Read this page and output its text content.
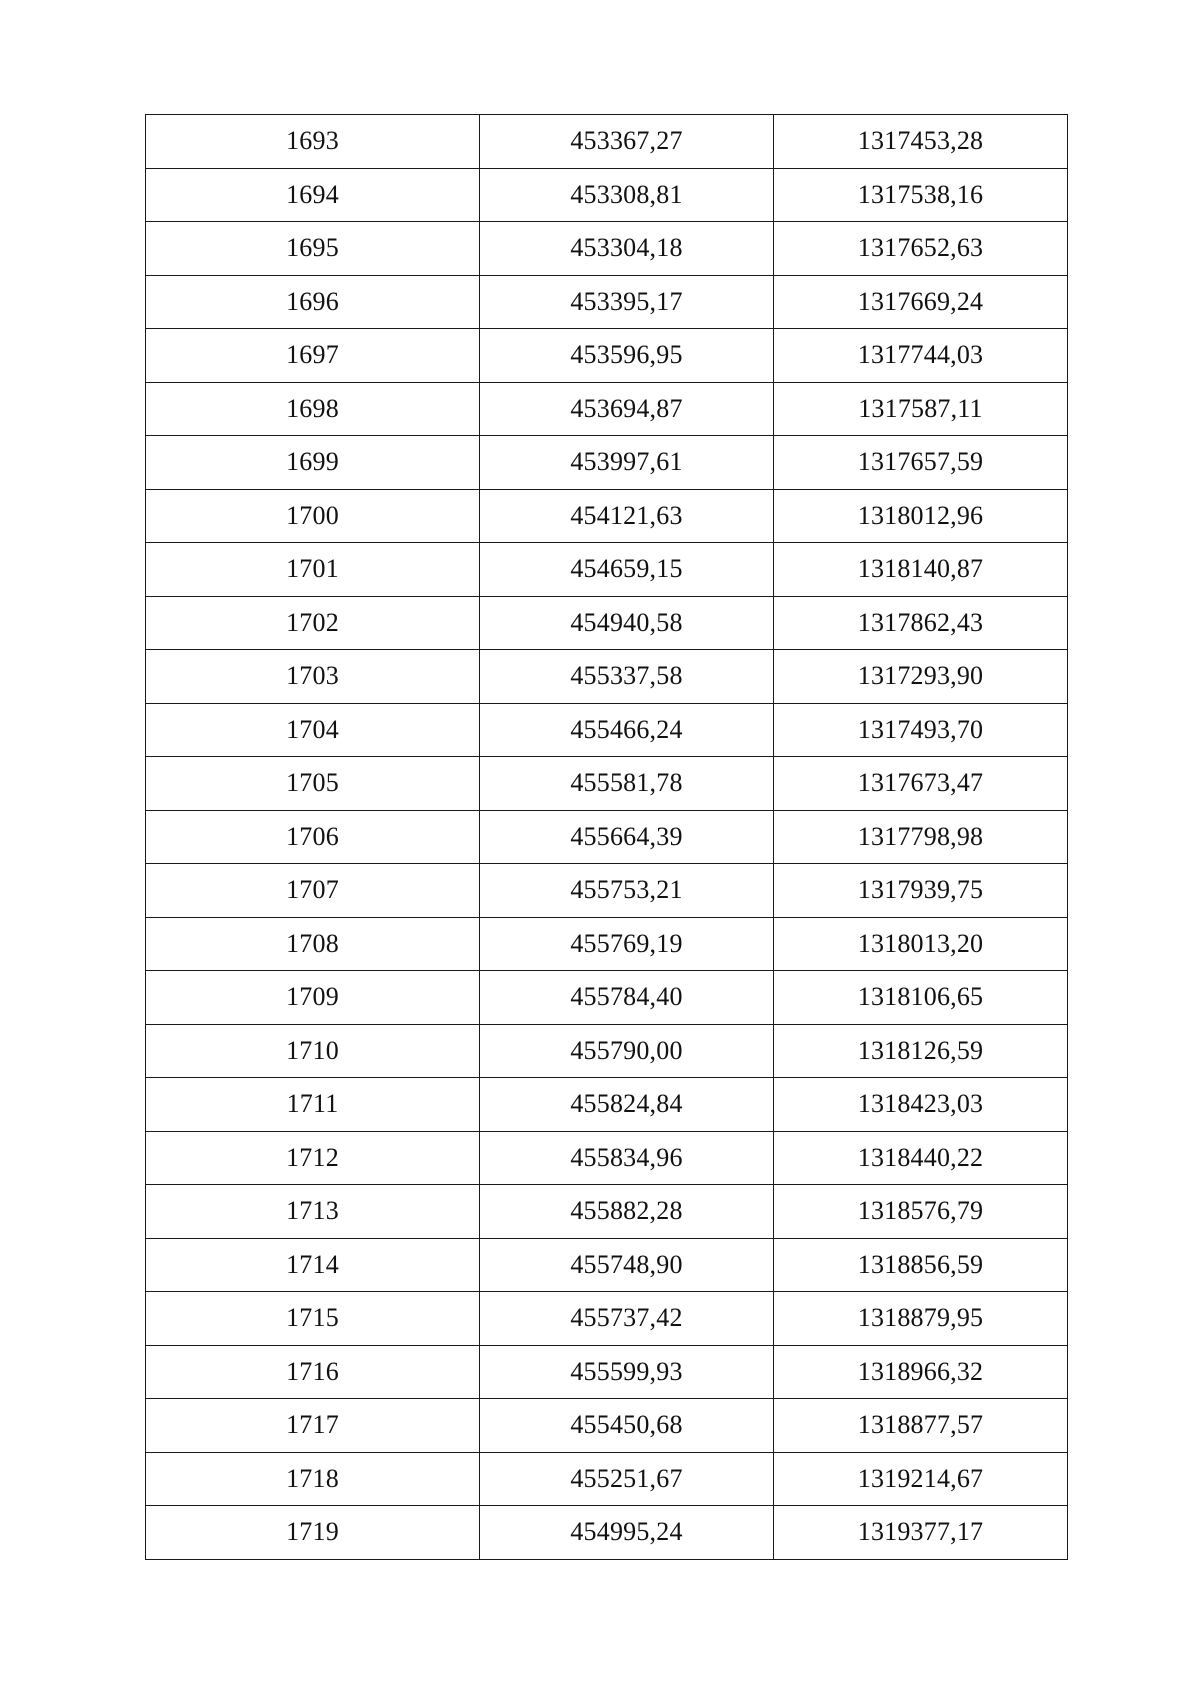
1693	453367,27	1317453,28
1694	453308,81	1317538,16
1695	453304,18	1317652,63
1696	453395,17	1317669,24
1697	453596,95	1317744,03
1698	453694,87	1317587,11
1699	453997,61	1317657,59
1700	454121,63	1318012,96
1701	454659,15	1318140,87
1702	454940,58	1317862,43
1703	455337,58	1317293,90
1704	455466,24	1317493,70
1705	455581,78	1317673,47
1706	455664,39	1317798,98
1707	455753,21	1317939,75
1708	455769,19	1318013,20
1709	455784,40	1318106,65
1710	455790,00	1318126,59
1711	455824,84	1318423,03
1712	455834,96	1318440,22
1713	455882,28	1318576,79
1714	455748,90	1318856,59
1715	455737,42	1318879,95
1716	455599,93	1318966,32
1717	455450,68	1318877,57
1718	455251,67	1319214,67
1719	454995,24	1319377,17
